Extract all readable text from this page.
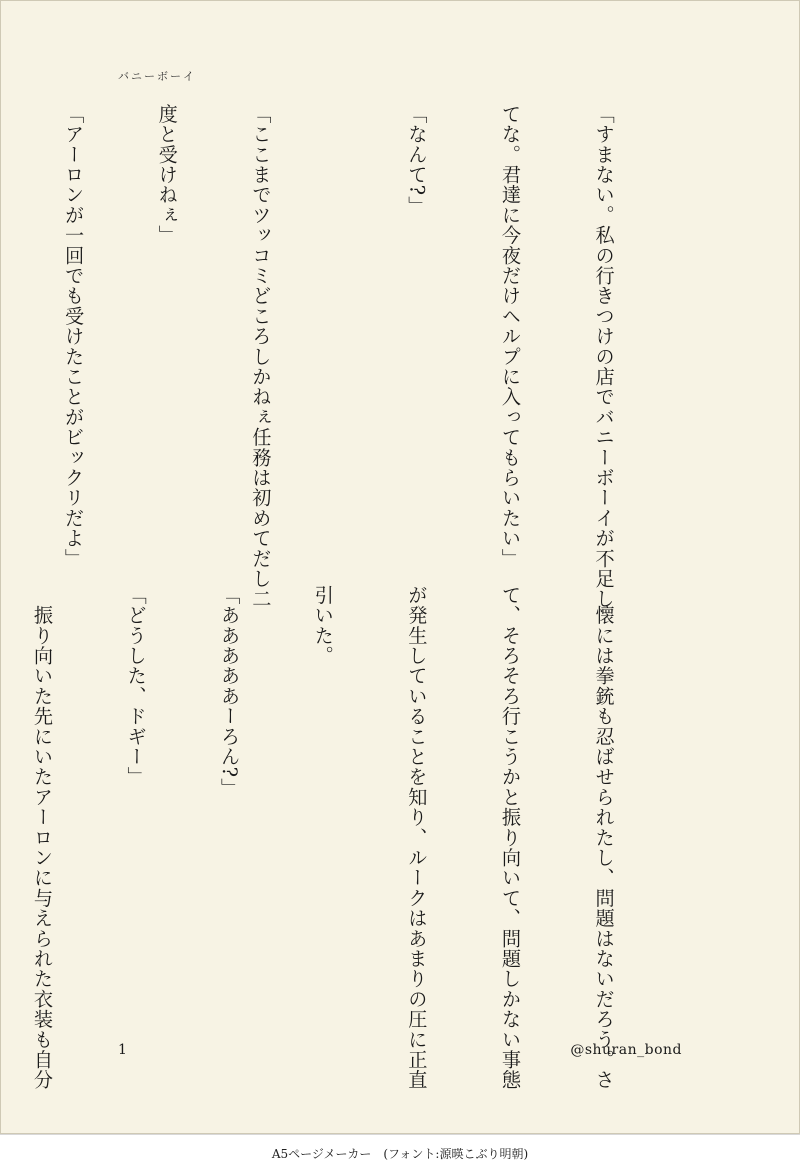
バニーボーイ

「すまない。私の行きつけの店でバニーボーイが不足し

てな。君達に今夜だけヘルプに入ってもらいたい」

「なんて?」

「ここまでツッコミどころしかねぇ任務は初めてだし二

度と受けねぇ」

「アーロンが一回でも受けたことがビックリだよ」

　懐には拳銃も忍ばせられたし、問題はないだろう。さ

て、そろそろ行こうかと振り向いて、問題しかない事態

が発生していることを知り、ルークはあまりの圧に正直

引いた。

「あああああーろん?」

「どうした、ドギー」

　振り向いた先にいたアーロンに与えられた衣装も自分

	1	@shuran_bond
A5ページメーカー　(フォント:源暎こぶり明朝)
